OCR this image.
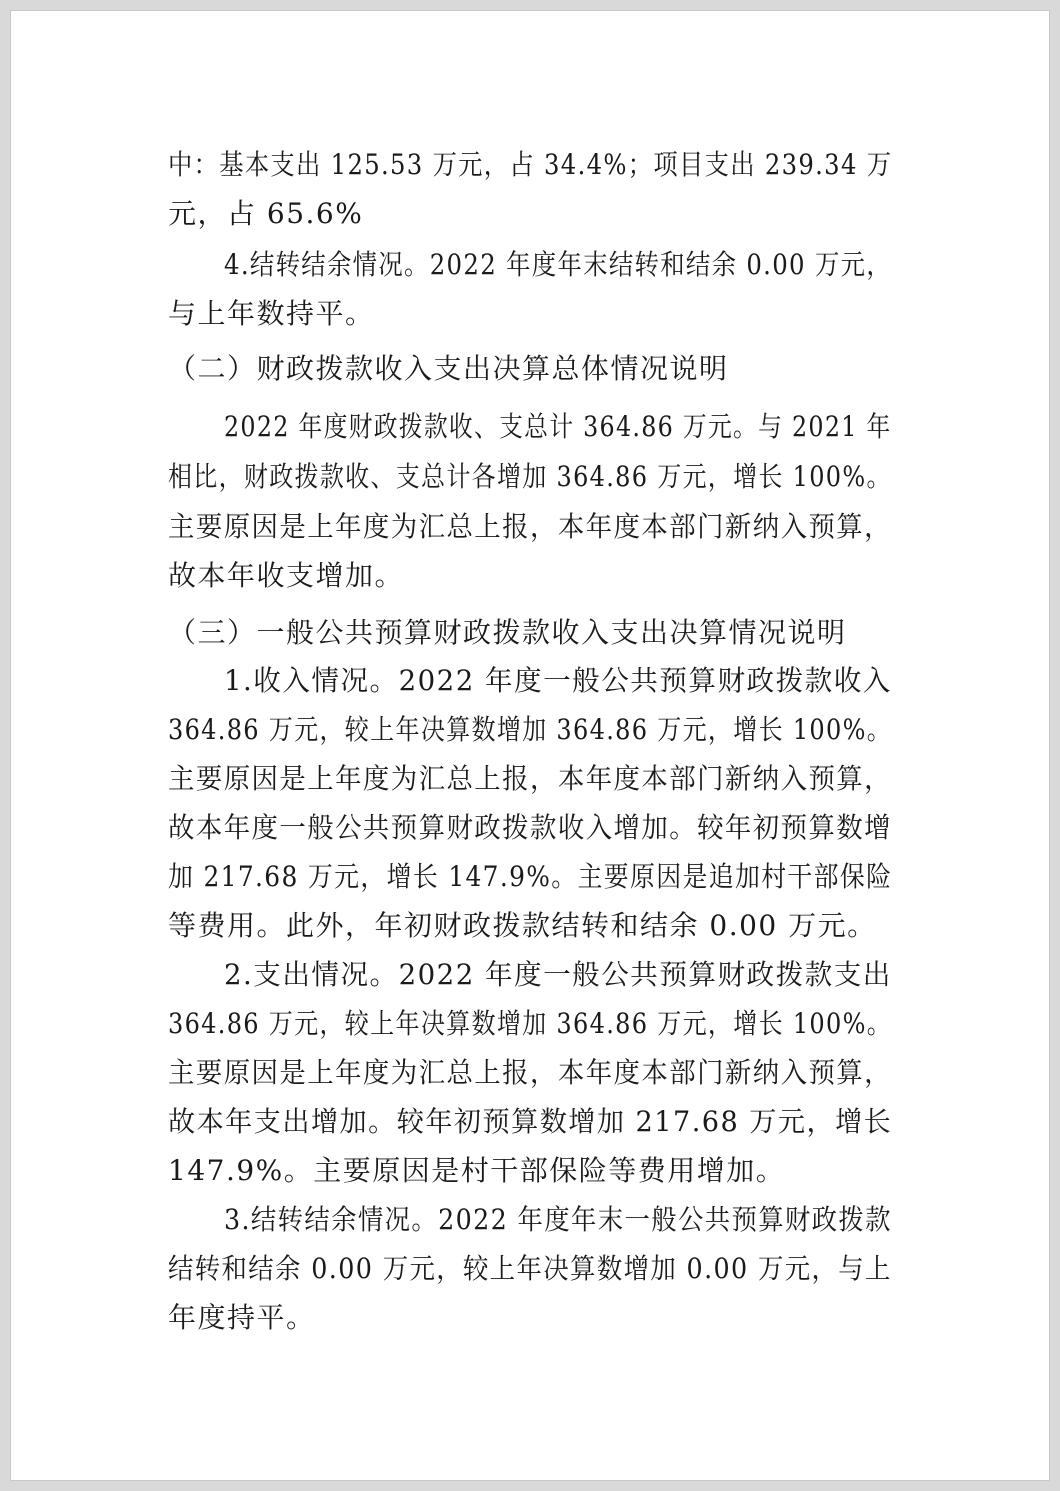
中：基本支出 125.53 万元，占 34.4%；项目支出 239.34 万
元，占 65.6%
4.结转结余情况。2022 年度年末结转和结余 0.00 万元，
与上年数持平。
（二）财政拨款收入支出决算总体情况说明
2022 年度财政拨款收、支总计 364.86 万元。与 2021 年
相比，财政拨款收、支总计各增加 364.86 万元，增长 100%。
主要原因是上年度为汇总上报，本年度本部门新纳入预算，
故本年收支增加。
（三）一般公共预算财政拨款收入支出决算情况说明
1.收入情况。2022 年度一般公共预算财政拨款收入
364.86 万元，较上年决算数增加 364.86 万元，增长 100%。
主要原因是上年度为汇总上报，本年度本部门新纳入预算，
故本年度一般公共预算财政拨款收入增加。较年初预算数增
加 217.68 万元，增长 147.9%。主要原因是追加村干部保险
等费用。此外，年初财政拨款结转和结余 0.00 万元。
2.支出情况。2022 年度一般公共预算财政拨款支出
364.86 万元，较上年决算数增加 364.86 万元，增长 100%。
主要原因是上年度为汇总上报，本年度本部门新纳入预算，
故本年支出增加。较年初预算数增加 217.68 万元，增长
147.9%。主要原因是村干部保险等费用增加。
3.结转结余情况。2022 年度年末一般公共预算财政拨款
结转和结余 0.00 万元，较上年决算数增加 0.00 万元，与上
年度持平。
